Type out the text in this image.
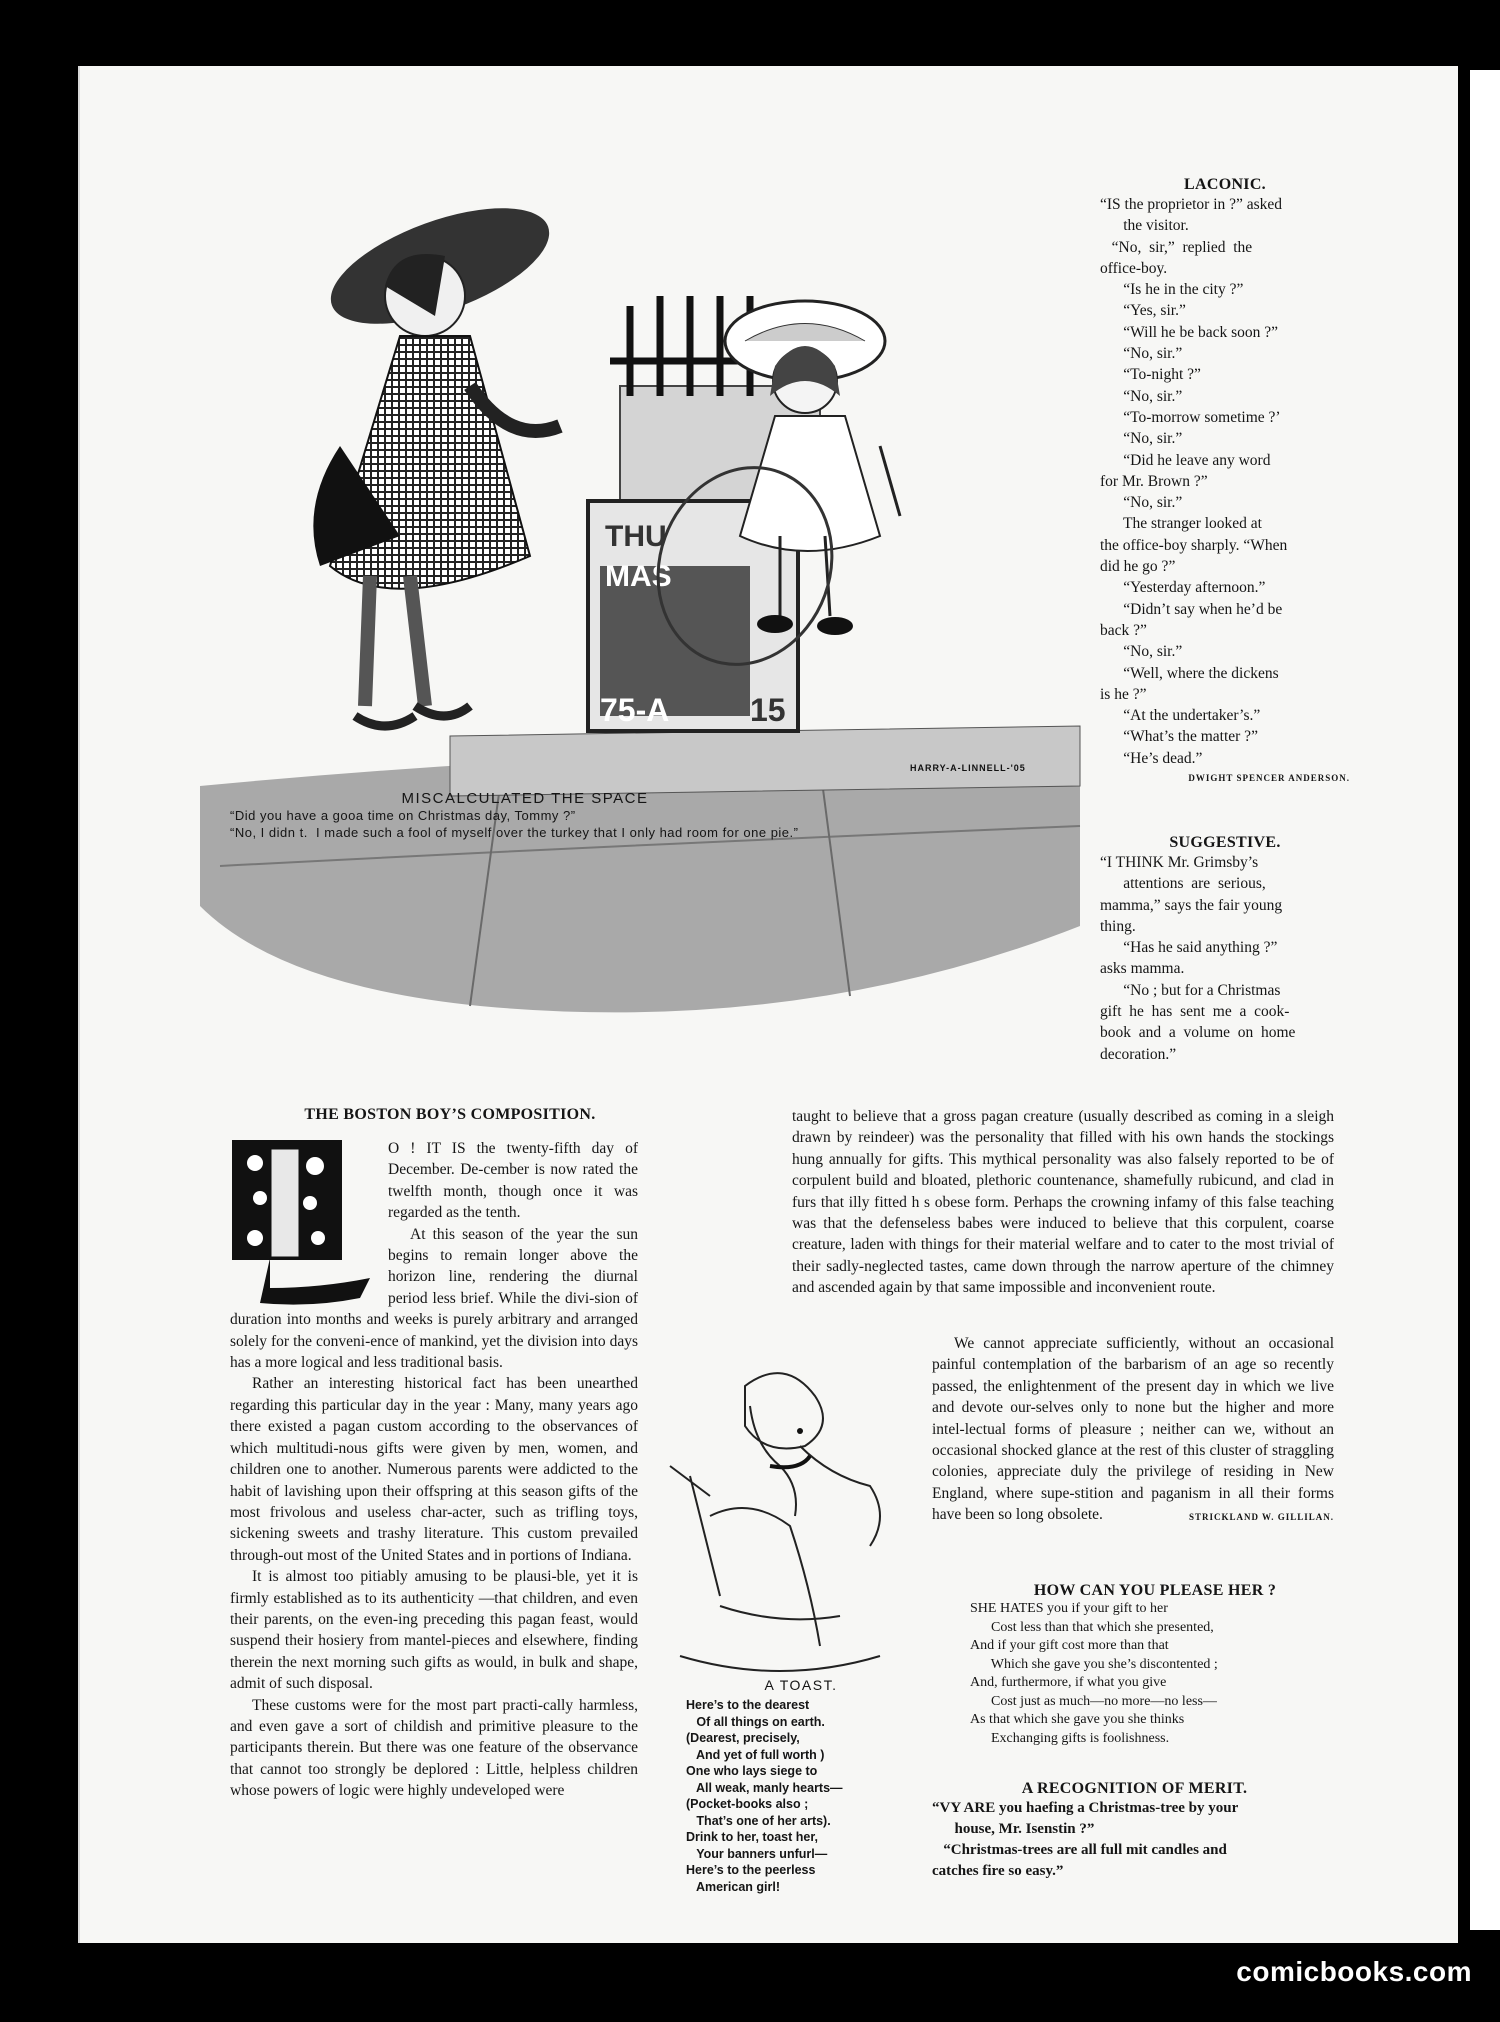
THU
MAS
75-A	15
HARRY-A-LINNELL-'05
MISCALCULATED THE SPACE
“Did you have a gooa time on Christmas day, Tommy ?”
“No, I didn t.  I made such a fool of myself over the turkey that I only had room for one pie.”
LACONIC.
“IS the proprietor in ?” asked
the visitor.
“No,  sir,”  replied  the
office-boy.
“Is he in the city ?”
“Yes, sir.”
“Will he be back soon ?”
“No, sir.”
“To-night ?”
“No, sir.”
“To-morrow sometime ?’
“No, sir.”
“Did he leave any word
for Mr. Brown ?”
“No, sir.”
The stranger looked at
the office-boy sharply. “When
did he go ?”
“Yesterday afternoon.”
“Didn’t say when he’d be
back ?”
“No, sir.”
“Well, where the dickens
is he ?”
“At the undertaker’s.”
“What’s the matter ?”
“He’s dead.”
DWIGHT SPENCER ANDERSON.
SUGGESTIVE.
“I THINK Mr. Grimsby’s
attentions  are  serious,
mamma,” says the fair young
thing.
“Has he said anything ?”
asks mamma.
“No ; but for a Christmas
gift  he  has  sent  me  a  cook-
book  and  a  volume  on  home
decoration.”
THE BOSTON BOY’S COMPOSITION.

O ! IT IS the twenty-fifth day of December. De-cember is now rated the twelfth month, though once it was regarded as the tenth.

At this season of the year the sun begins to remain longer above the horizon line, rendering the diurnal period less brief. While the divi-sion of duration into months and weeks is purely arbitrary and arranged solely for the conveni-ence of mankind, yet the division into days has a more logical and less traditional basis.

Rather an interesting historical fact has been unearthed regarding this particular day in the year : Many, many years ago there existed a pagan custom according to the observances of which multitudi-nous gifts were given by men, women, and children one to another. Numerous parents were addicted to the habit of lavishing upon their offspring at this season gifts of the most frivolous and useless char-acter, such as trifling toys, sickening sweets and trashy literature. This custom prevailed through-out most of the United States and in portions of Indiana.

It is almost too pitiably amusing to be plausi-ble, yet it is firmly established as to its authenticity —that children, and even their parents, on the even-ing preceding this pagan feast, would suspend their hosiery from mantel-pieces and elsewhere, finding therein the next morning such gifts as would, in bulk and shape, admit of such disposal.

These customs were for the most part practi-cally harmless, and even gave a sort of childish and primitive pleasure to the participants therein. But there was one feature of the observance that cannot too strongly be deplored : Little, helpless children whose powers of logic were highly undeveloped were

taught to believe that a gross pagan creature (usually described as coming in a sleigh drawn by reindeer) was the personality that filled with his own hands the stockings hung annually for gifts. This mythical personality was also falsely reported to be of corpulent build and bloated, plethoric countenance, shamefully rubicund, and clad in furs that illy fitted h s obese form. Perhaps the crowning infamy of this false teaching was that the defenseless babes were induced to believe that this corpulent, coarse creature, laden with things for their material welfare and to cater to the most trivial of their sadly-neglected tastes, came down through the narrow aperture of the chimney and ascended again by that same impossible and inconvenient route.

We cannot appreciate sufficiently, without an occasional painful contemplation of the barbarism of an age so recently passed, the enlightenment of the present day in which we live and devote our-selves only to none but the higher and more intel-lectual forms of pleasure ; neither can we, without an occasional shocked glance at the rest of this cluster of straggling colonies, appreciate duly the privilege of residing in New England, where supe-stition and paganism in all their forms have been so long obsolete.	STRICKLAND W. GILLILAN.
A TOAST.
Here’s to the dearest
Of all things on earth.
(Dearest, precisely,
And yet of full worth )
One who lays siege to
All weak, manly hearts—
(Pocket-books also ;
That’s one of her arts).
Drink to her, toast her,
Your banners unfurl—
Here’s to the peerless
American girl!
HOW CAN YOU PLEASE HER ?
SHE HATES you if your gift to her
Cost less than that which she presented,
And if your gift cost more than that
Which she gave you she’s discontented ;
And, furthermore, if what you give
Cost just as much—no more—no less—
As that which she gave you she thinks
Exchanging gifts is foolishness.
A RECOGNITION OF MERIT.
“VY ARE you haefing a Christmas-tree by your
house, Mr. Isenstin ?”
“Christmas-trees are all full mit candles and
catches fire so easy.”
comicbooks.com
